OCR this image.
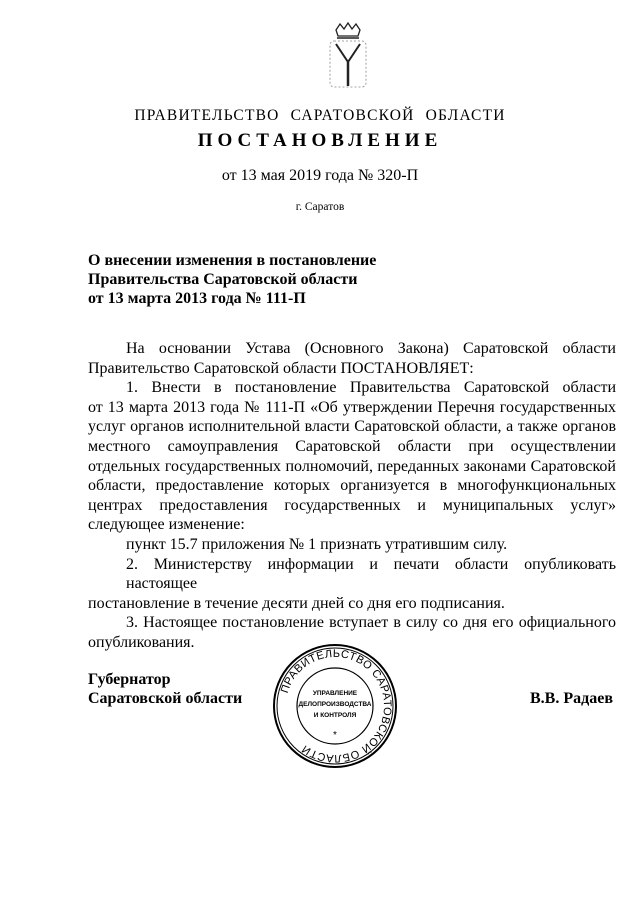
ПРАВИТЕЛЬСТВО САРАТОВСКОЙ ОБЛАСТИ
ПОСТАНОВЛЕНИЕ
от 13 мая 2019 года № 320-П
г. Саратов
О внесении изменения в постановление
Правительства Саратовской области
от 13 марта 2013 года № 111-П
На основании Устава (Основного Закона) Саратовской области
Правительство Саратовской области ПОСТАНОВЛЯЕТ:
1. Внести в постановление Правительства Саратовской области
от 13 марта 2013 года № 111-П «Об утверждении Перечня государственных
услуг органов исполнительной власти Саратовской области, а также органов
местного самоуправления Саратовской области при осуществлении
отдельных государственных полномочий, переданных законами Саратовской
области, предоставление которых организуется в многофункциональных
центрах предоставления государственных и муниципальных услуг»
следующее изменение:
пункт 15.7 приложения № 1 признать утратившим силу.
2. Министерству информации и печати области опубликовать настоящее
постановление в течение десяти дней со дня его подписания.
3. Настоящее постановление вступает в силу со дня его официального
опубликования.
Губернатор
Саратовской области	В.В. Радаев
ПРАВИТЕЛЬСТВО САРАТОВСКОЙ ОБЛАСТИ
*
УПРАВЛЕНИЕ
ДЕЛОПРОИЗВОДСТВА
И КОНТРОЛЯ
